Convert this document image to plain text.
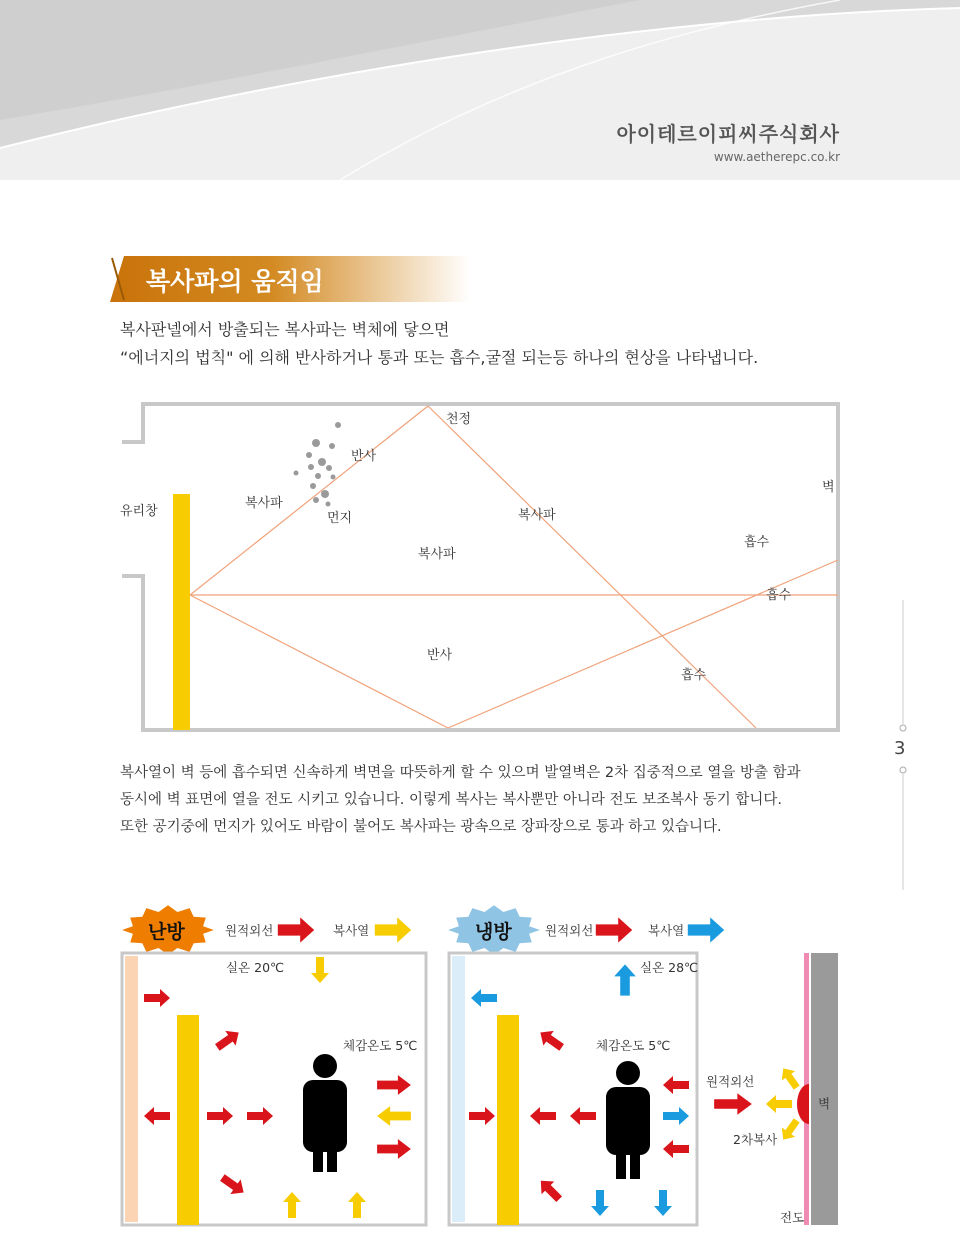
아이테르이피씨주식회사
www.aetherepc.co.kr
복사파의 움직임
복사판넬에서 방출되는 복사파는 벽체에 닿으면
“에너지의 법칙" 에 의해 반사하거나 통과 또는 흡수,굴절 되는등 하나의 현상을 나타냅니다.
천정
벽
유리창
반사
복사파
먼지	복사파
복사파
흡수
흡수
반사
흡수
3
복사열이 벽 등에 흡수되면 신속하게 벽면을 따뜻하게 할 수 있으며 발열벽은 2차 집중적으로 열을 방출 함과
동시에 벽 표면에 열을 전도 시키고 있습니다. 이렇게 복사는 복사뿐만 아니라 전도 보조복사 동기 합니다.
또한 공기중에 먼지가 있어도 바람이 불어도 복사파는 광속으로 장파장으로 통과 하고 있습니다.
난방	원적외선	복사열
실온 20℃
체감온도 5℃
냉방	원적외선	복사열
실온 28℃
체감온도 5℃
원적외선
벽
2차복사
전도
